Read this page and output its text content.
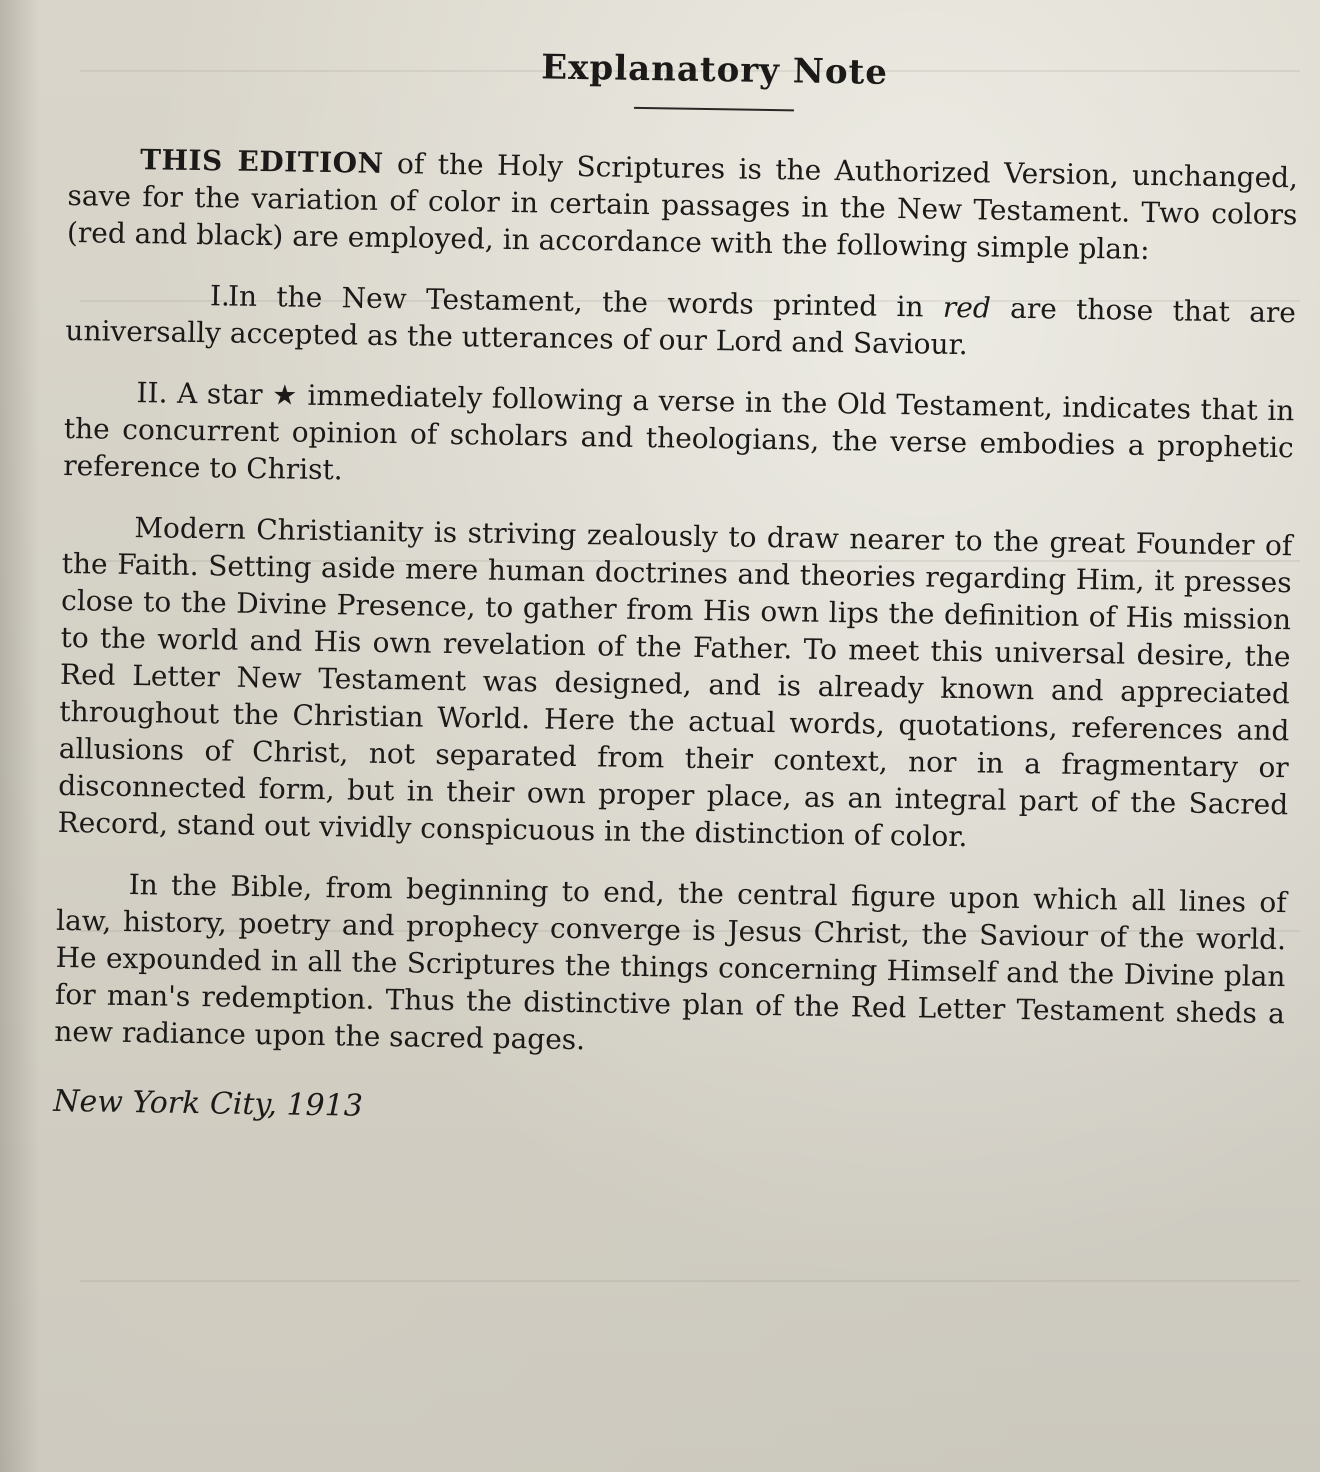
Explanatory Note

THIS EDITION of the Holy Scriptures is the Authorized Version, unchanged, save for the variation of color in certain passages in the New Testament. Two colors (red and black) are employed, in accordance with the following simple plan:

I.In the New Testament, the words printed in red are those that are universally accepted as the utterances of our Lord and Saviour.

II. A star ★ immediately following a verse in the Old Testament, indicates that in the concurrent opinion of scholars and theologians, the verse embodies a prophetic reference to Christ.

Modern Christianity is striving zealously to draw nearer to the great Founder of the Faith. Setting aside mere human doctrines and theories regarding Him, it presses close to the Divine Presence, to gather from His own lips the definition of His mission to the world and His own revelation of the Father. To meet this universal desire, the Red Letter New Testament was designed, and is already known and appreciated throughout the Christian World. Here the actual words, quotations, references and allusions of Christ, not separated from their context, nor in a fragmentary or disconnected form, but in their own proper place, as an integral part of the Sacred Record, stand out vividly conspicuous in the distinction of color.

In the Bible, from beginning to end, the central figure upon which all lines of law, history, poetry and prophecy converge is Jesus Christ, the Saviour of the world. He expounded in all the Scriptures the things concerning Himself and the Divine plan for man's redemption. Thus the distinctive plan of the Red Letter Testament sheds a new radiance upon the sacred pages.

New York City, 1913
